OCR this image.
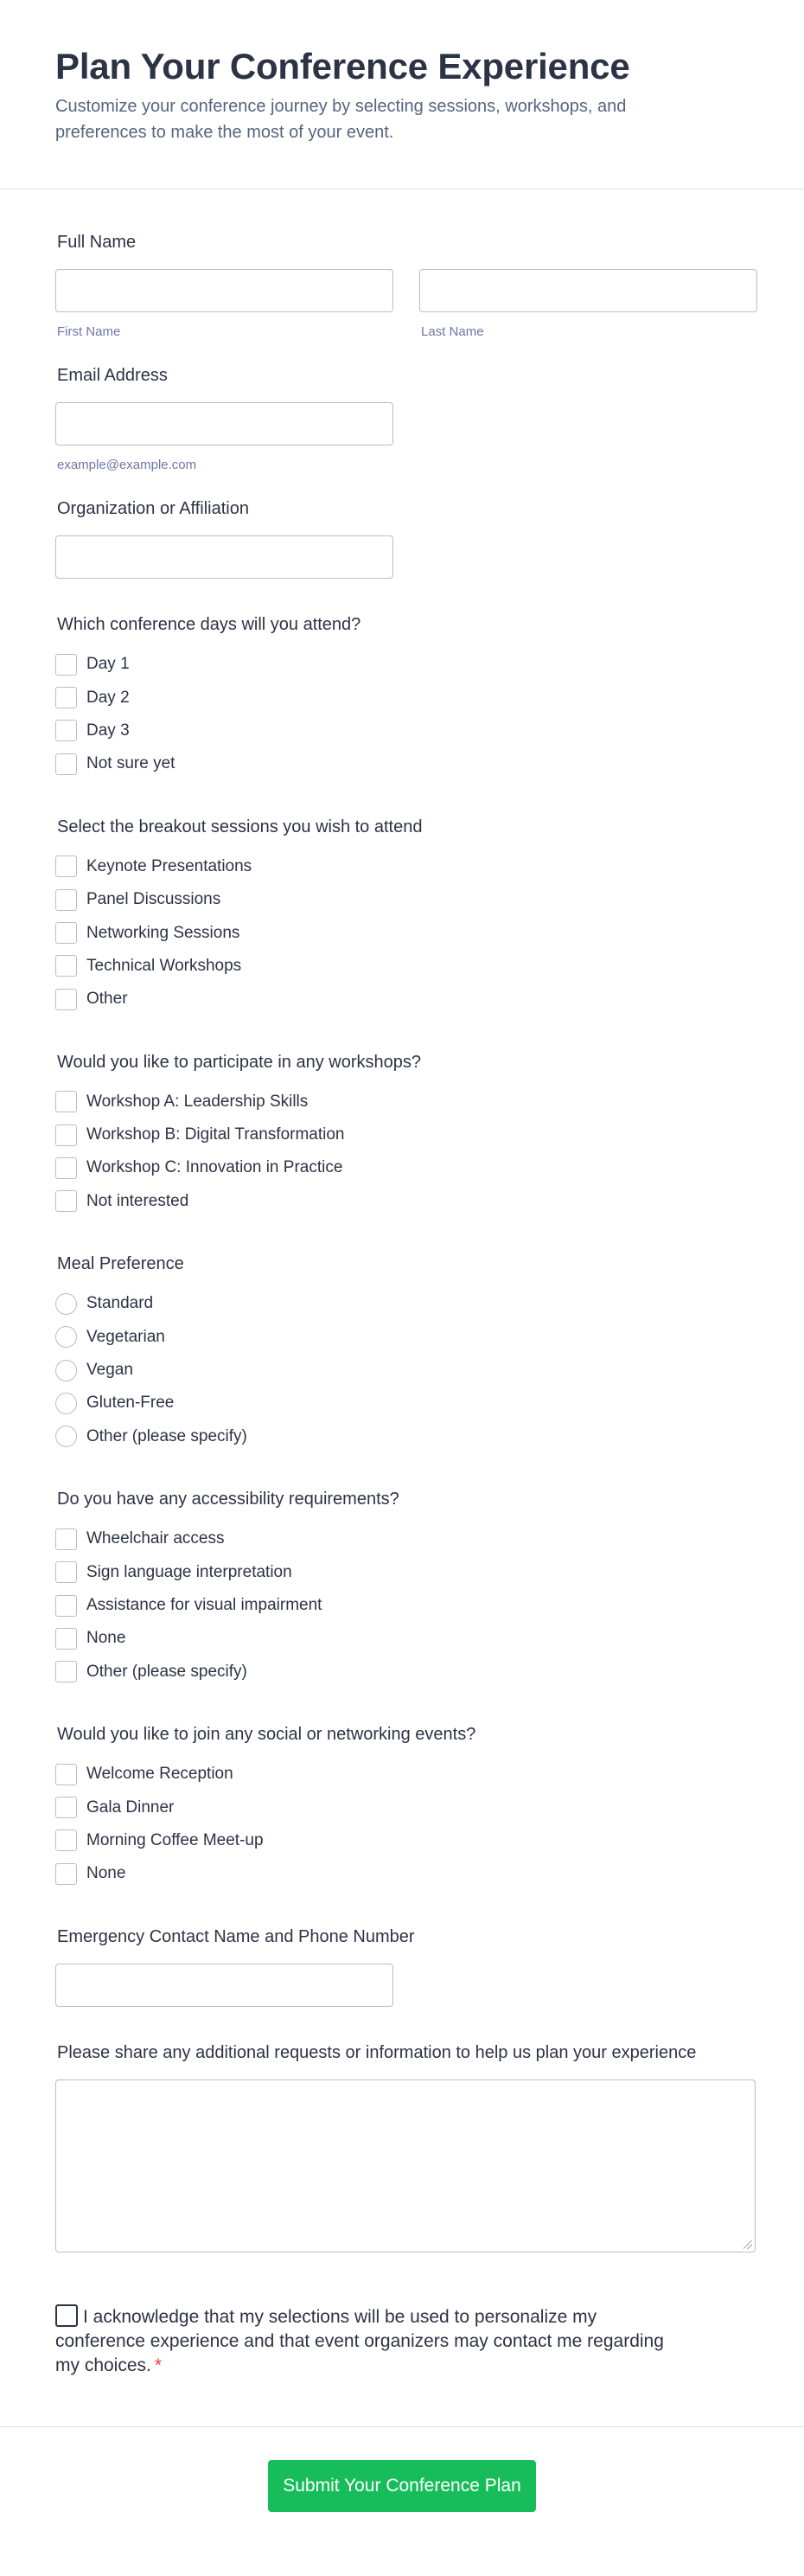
Plan Your Conference Experience

Customize your conference journey by selecting sessions, workshops, and preferences to make the most of your event.

Full Name
First Name	Last Name
Email Address
example@example.com
Organization or Affiliation
Which conference days will you attend?
Day 1
Day 2
Day 3
Not sure yet
Select the breakout sessions you wish to attend
Keynote Presentations
Panel Discussions
Networking Sessions
Technical Workshops
Other
Would you like to participate in any workshops?
Workshop A: Leadership Skills
Workshop B: Digital Transformation
Workshop C: Innovation in Practice
Not interested
Meal Preference
Standard
Vegetarian
Vegan
Gluten-Free
Other (please specify)
Do you have any accessibility requirements?
Wheelchair access
Sign language interpretation
Assistance for visual impairment
None
Other (please specify)
Would you like to join any social or networking events?
Welcome Reception
Gala Dinner
Morning Coffee Meet-up
None
Emergency Contact Name and Phone Number
Please share any additional requests or information to help us plan your experience
I acknowledge that my selections will be used to personalize my conference experience and that event organizers may contact me regarding my choices. *
Submit Your Conference Plan
